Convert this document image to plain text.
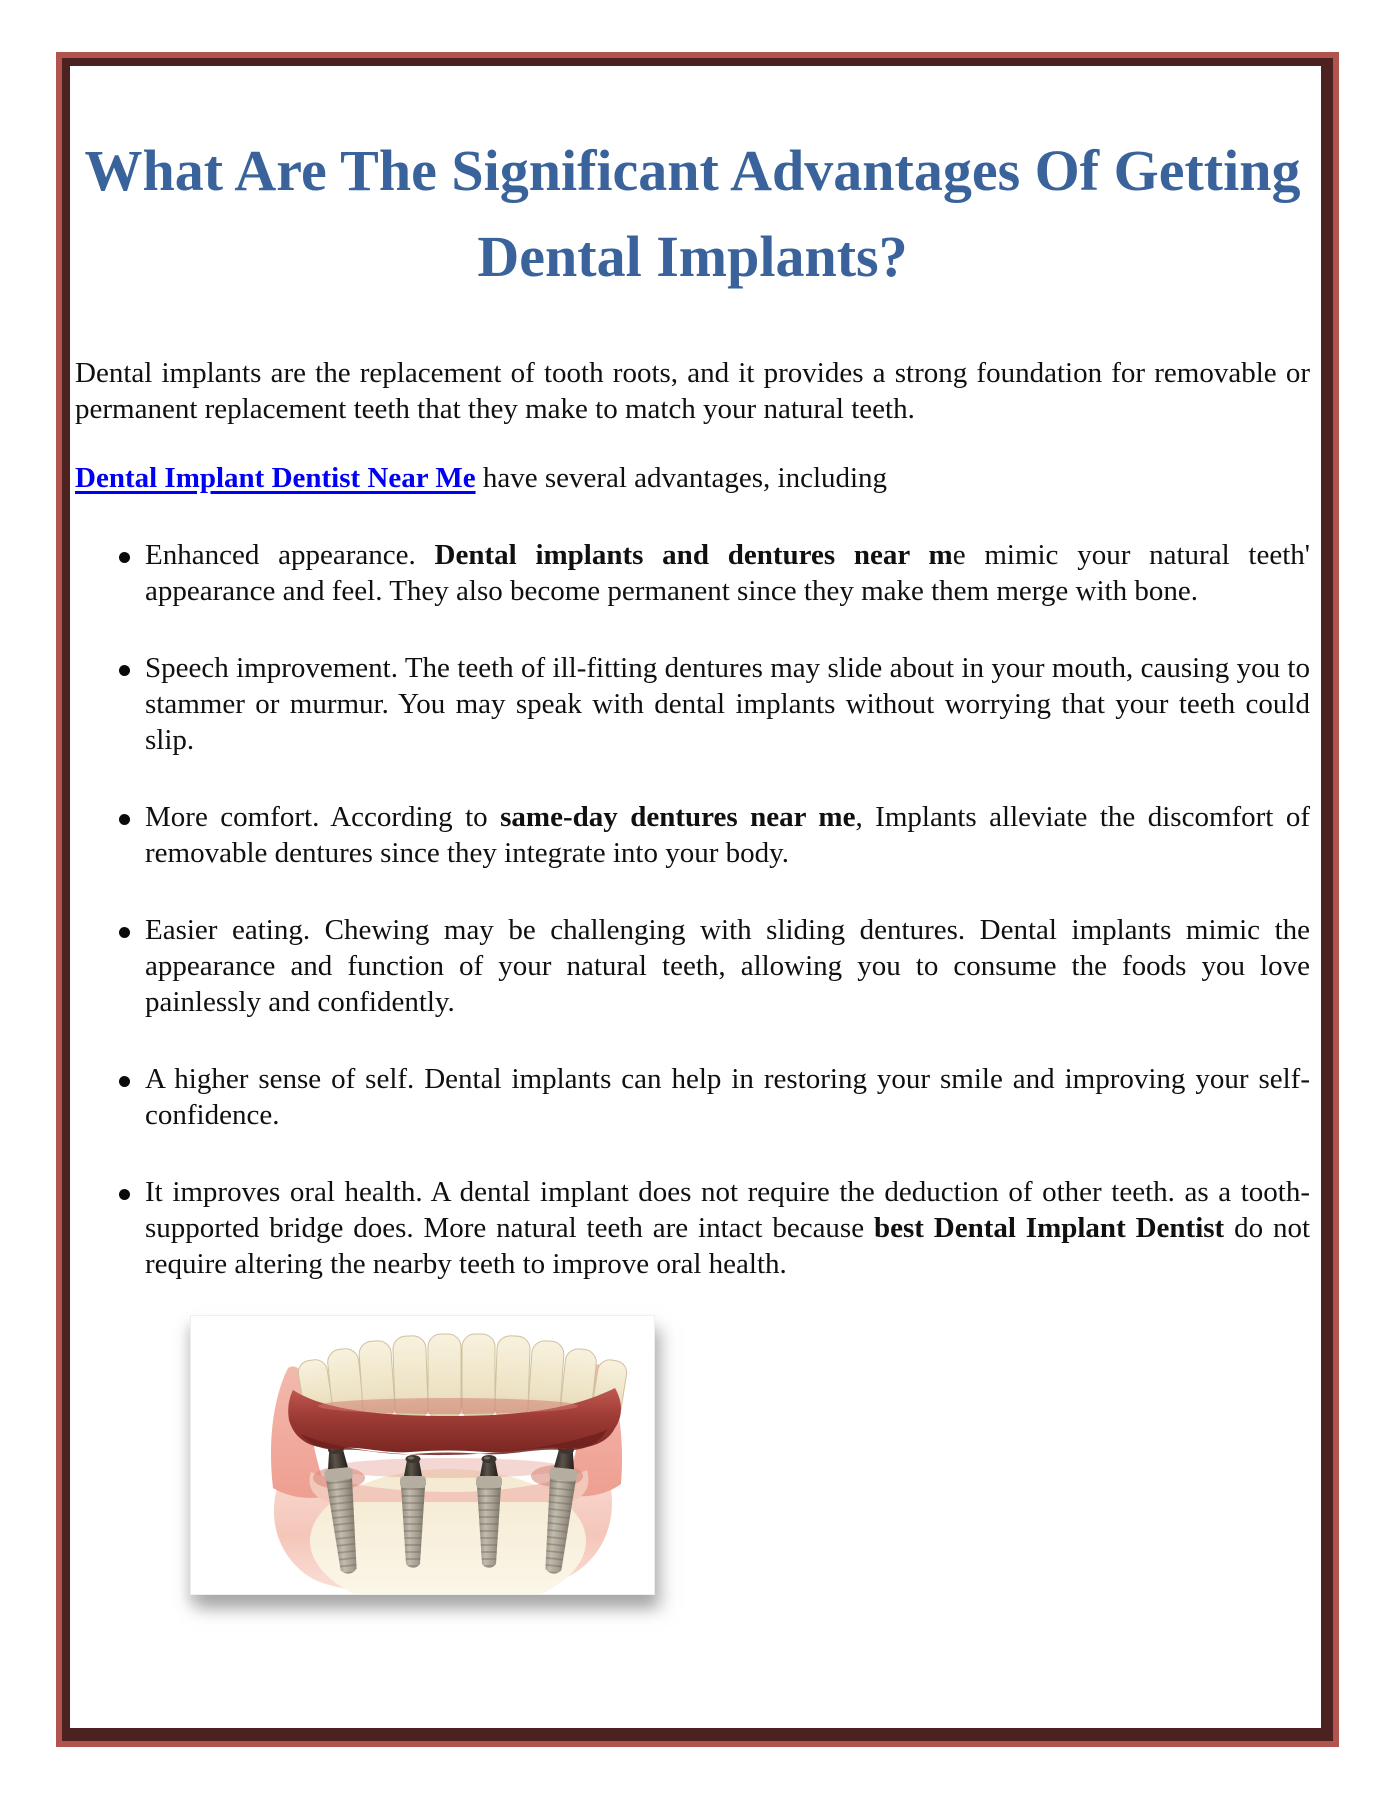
What Are The Significant Advantages Of Getting Dental Implants?

Dental implants are the replacement of tooth roots, and it provides a strong foundation for removable or permanent replacement teeth that they make to match your natural teeth.

Dental Implant Dentist Near Me have several advantages, including

Enhanced appearance. Dental implants and dentures near me mimic your natural teeth' appearance and feel. They also become permanent since they make them merge with bone.

Speech improvement. The teeth of ill-fitting dentures may slide about in your mouth, causing you to stammer or murmur. You may speak with dental implants without worrying that your teeth could slip.

More comfort. According to same-day dentures near me, Implants alleviate the discomfort of removable dentures since they integrate into your body.

Easier eating. Chewing may be challenging with sliding dentures. Dental implants mimic the appearance and function of your natural teeth, allowing you to consume the foods you love painlessly and confidently.

A higher sense of self. Dental implants can help in restoring your smile and improving your self-confidence.

It improves oral health. A dental implant does not require the deduction of other teeth. as a tooth-supported bridge does. More natural teeth are intact because best Dental Implant Dentist do not require altering the nearby teeth to improve oral health.
